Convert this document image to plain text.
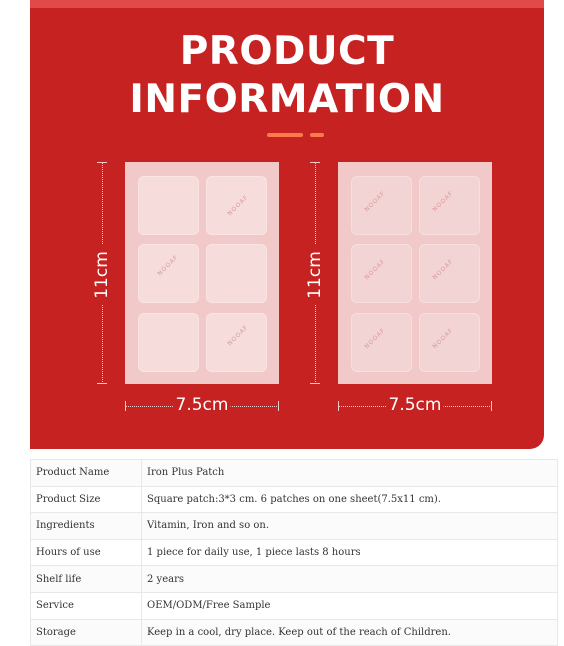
PRODUCT
INFORMATION
11cm	NOOAF
NOOAF
NOOAF
7.5cm
11cm
NOOAF	NOOAF
NOOAF	NOOAF
NOOAF	NOOAF
7.5cm
Product Name	Iron Plus Patch
Product Size	Square patch:3*3 cm. 6 patches on one sheet(7.5x11 cm).
Ingredients	Vitamin, Iron and so on.
Hours of use	1 piece for daily use, 1 piece lasts 8 hours
Shelf life	2 years
Service	OEM/ODM/Free Sample
Storage	Keep in a cool, dry place. Keep out of the reach of Children.
